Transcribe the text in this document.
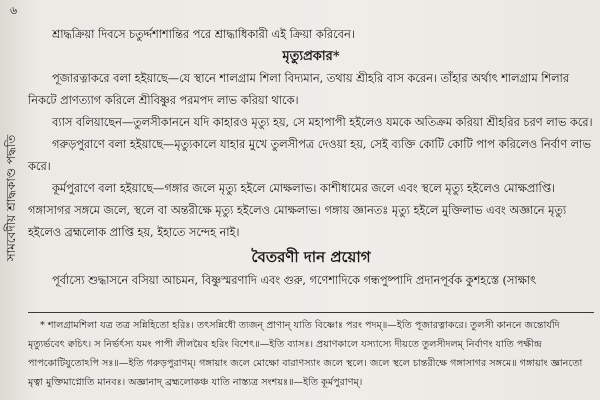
৬
সামবেদীয় শ্রাদ্ধকাণ্ড পদ্ধতি

শ্রাদ্ধক্রিয়া দিবসে চতুর্দ্দশাশান্তির পরে শ্রাদ্ধাধিকারী এই ক্রিয়া করিবেন।

মৃত্যুপ্রকার*

পূজারত্নাকরে বলা হইয়াছে—যে স্থানে শালগ্রাম শিলা বিদ্যমান, তথায় শ্রীহরি বাস করেন। তাঁহার অর্থাৎ শালগ্রাম শিলার নিকটে প্রাণত্যাগ করিলে শ্রীবিষ্ণুর পরমপদ লাভ করিয়া থাকে।

ব্যাস বলিয়াছেন—তুলসীকাননে যদি কাহারও মৃত্যু হয়, সে মহাপাপী হইলেও যমকে অতিক্রম করিয়া শ্রীহরির চরণ লাভ করে।

গরুড়পুরাণে বলা হইয়াছে—মৃত্যুকালে যাহার মুখে তুলসীপত্র দেওয়া হয়, সেই ব্যক্তি কোটি কোটি পাপ করিলেও নির্বাণ লাভ করে।

কূর্মপুরাণে বলা হইয়াছে—গঙ্গার জলে মৃত্যু হইলে মোক্ষলাভ। কাশীধামের জলে এবং স্থলে মৃত্যু হইলেও মোক্ষপ্রাপ্তি। গঙ্গাসাগর সঙ্গমে জলে, স্থলে বা অন্তরীক্ষে মৃত্যু হইলেও মোক্ষলাভ। গঙ্গায় জ্ঞানতঃ মৃত্যু হইলে মুক্তিলাভ এবং অজ্ঞানে মৃত্যু হইলেও ব্রহ্মলোক প্রাপ্তি হয়, ইহাতে সন্দেহ নাই।

বৈতরণী দান প্রয়োগ

পূর্বাস্যে শুদ্ধাসনে বসিয়া আচমন, বিষ্ণুস্মরণাদি এবং গুরু, গণেশাদিকে গন্ধপুষ্পাদি প্রদানপূর্বক কুশহস্তে (সাক্ষাৎ

* শালগ্রামশিলা যত্র তত্র সন্নিহিতো হরিঃ। তৎসন্নিধৌ ত্যজন্ প্রাণান্ যাতি বিষ্ণোঃ পরং পদম্॥—ইতি পূজারত্নাকরে। তুলসী কাননে জন্তোর্যদি মৃত্যুর্ভবেৎ ক্বচিৎ। স নির্ভর্ৎস্য যমং পাপী লীলয়ৈব হরিং বিশেৎ॥—ইতি ব্যাসঃ। প্রয়াণকালে যস্যাস্যে দীয়তে তুলসীদলম্ নির্বাণং যাতি পক্ষীন্দ্র পাপকোটিযুতোঽপি সঃ॥—ইতি গরুড়পুরাণম্। গঙ্গায়াং জলে মোক্ষো বারাণস্যাং জলে স্থলে। জলে স্থলে চান্তরীক্ষে গঙ্গাসাগর সঙ্গমে॥ গঙ্গায়াং জ্ঞানতো মৃত্বা মুক্তিমাপ্নোতি মানবঃ। অজ্ঞানাদ্ ব্রহ্মলোকঞ্চ যাতি নাস্ত্যত্র সংশয়ঃ॥—ইতি কূর্মপুরাণম্।
